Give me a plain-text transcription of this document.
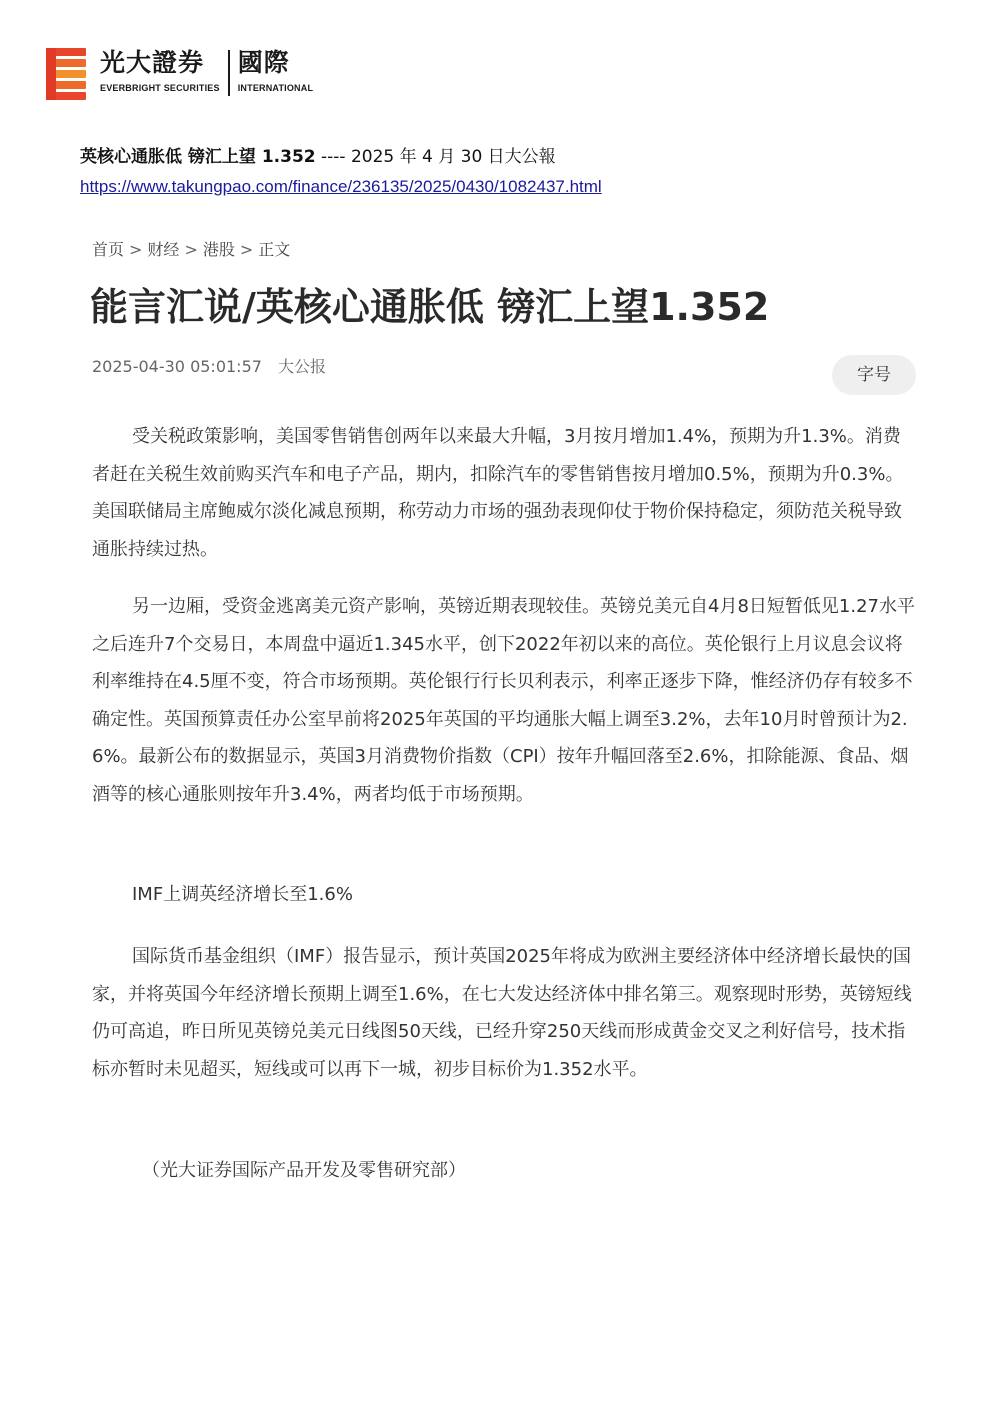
光大證券
EVERBRIGHT SECURITIES
國際
INTERNATIONAL
英核心通胀低 镑汇上望 1.352 ---- 2025 年 4 月 30 日大公報
https://www.takungpao.com/finance/236135/2025/0430/1082437.html
首页 > 财经 > 港股 > 正文
能言汇说/英核心通胀低 镑汇上望1.352
2025-04-30 05:01:57 大公报	字号

受关税政策影响，美国零售销售创两年以来最大升幅，3月按月增加1.4%，预期为升1.3%。消费者赶在关税生效前购买汽车和电子产品，期内，扣除汽车的零售销售按月增加0.5%，预期为升0.3%。美国联储局主席鲍威尔淡化减息预期，称劳动力市场的强劲表现仰仗于物价保持稳定，须防范关税导致通胀持续过热。

另一边厢，受资金逃离美元资产影响，英镑近期表现较佳。英镑兑美元自4月8日短暂低见1.27水平之后连升7个交易日，本周盘中逼近1.345水平，创下2022年初以来的高位。英伦银行上月议息会议将利率维持在4.5厘不变，符合市场预期。英伦银行行长贝利表示，利率正逐步下降，惟经济仍存有较多不确定性。英国预算责任办公室早前将2025年英国的平均通胀大幅上调至3.2%，去年10月时曾预计为2.6%。最新公布的数据显示，英国3月消费物价指数（CPI）按年升幅回落至2.6%，扣除能源、食品、烟酒等的核心通胀则按年升3.4%，两者均低于市场预期。

IMF上调英经济增长至1.6%

国际货币基金组织（IMF）报告显示，预计英国2025年将成为欧洲主要经济体中经济增长最快的国家，并将英国今年经济增长预期上调至1.6%，在七大发达经济体中排名第三。观察现时形势，英镑短线仍可高追，昨日所见英镑兑美元日线图50天线，已经升穿250天线而形成黄金交叉之利好信号，技术指标亦暂时未见超买，短线或可以再下一城，初步目标价为1.352水平。

（光大证券国际产品开发及零售研究部）
